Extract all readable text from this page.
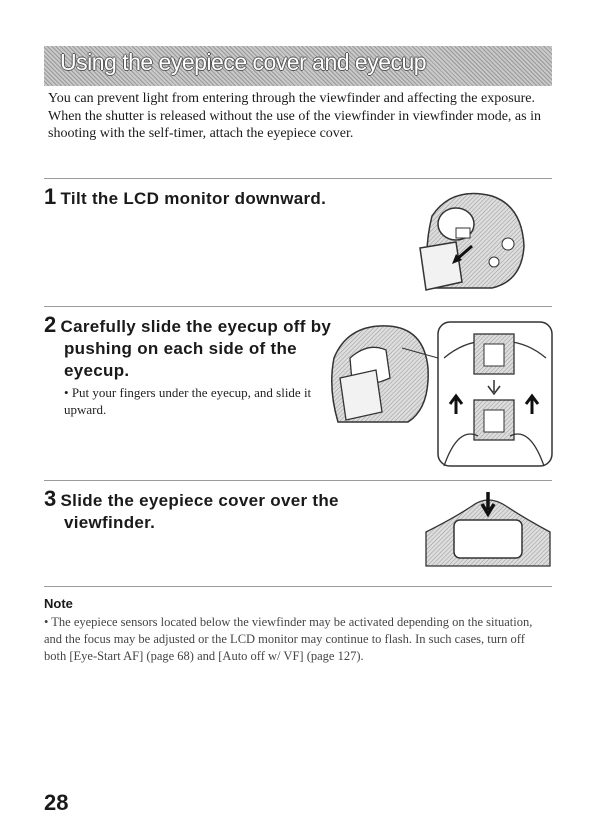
Using the eyepiece cover and eyecup

You can prevent light from entering through the viewfinder and affecting the exposure. When the shutter is released without the use of the viewfinder in viewfinder mode, as in shooting with the self-timer, attach the eyepiece cover.

1 Tilt the LCD monitor downward.
2 Carefully slide the eyecup off by
pushing on each side of the
eyecup.
• Put your fingers under the eyecup, and slide it upward.
3 Slide the eyepiece cover over the
viewfinder.
Note

• The eyepiece sensors located below the viewfinder may be activated depending on the situation, and the focus may be adjusted or the LCD monitor may continue to flash. In such cases, turn off both [Eye-Start AF] (page 68) and [Auto off w/ VF] (page 127).

28
